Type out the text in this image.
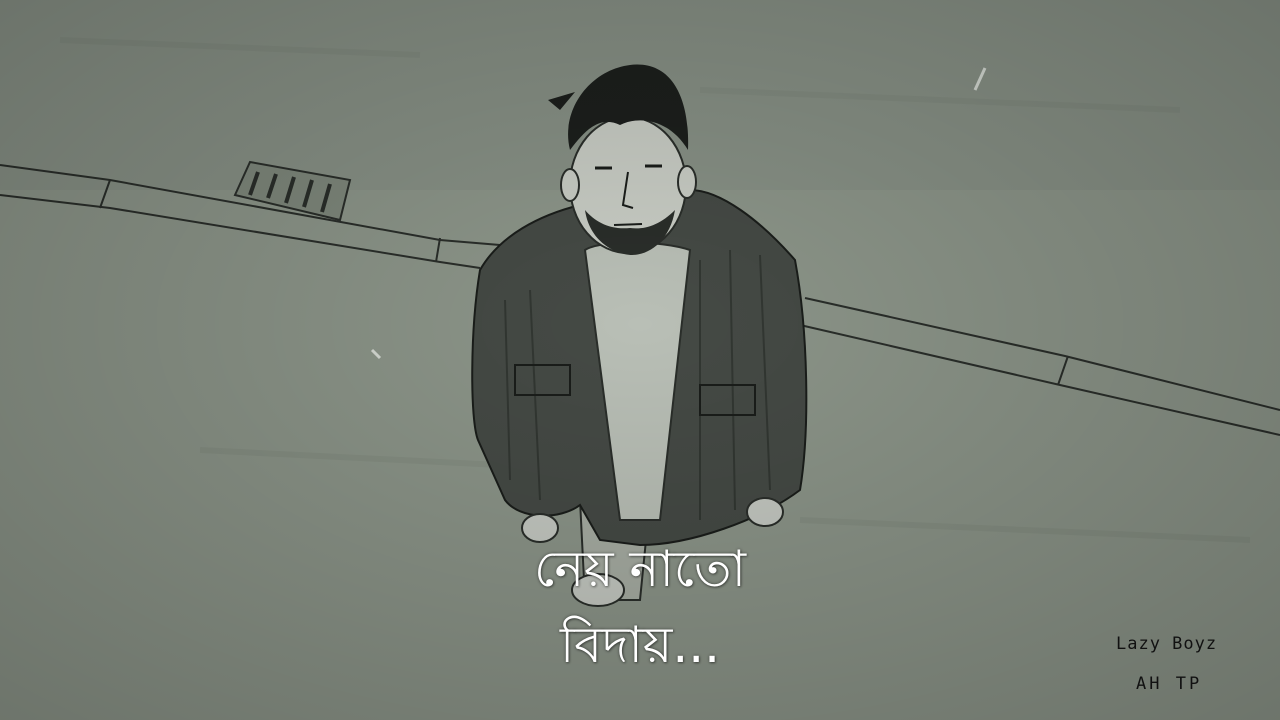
নেয় নাতো
বিদায়...	Lazy Boyz
AH TP
